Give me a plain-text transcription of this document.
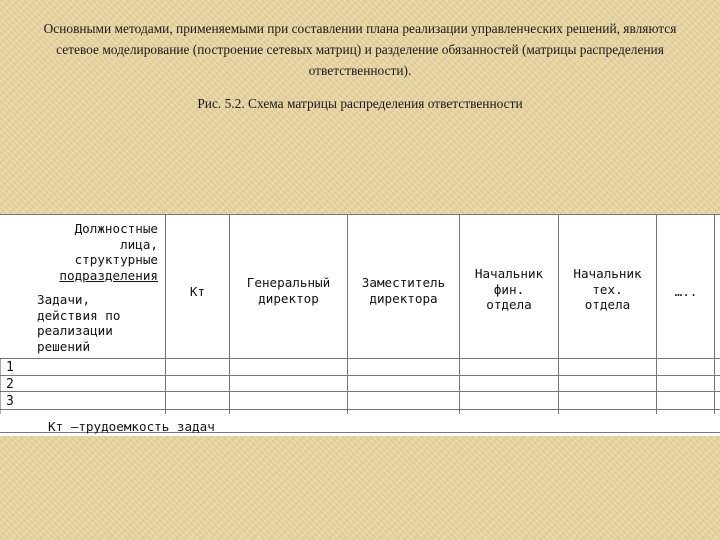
Основными методами, применяемыми при составлении плана реализации управленческих решений, являются сетевое моделирование (построение сетевых матриц) и разделение обязанностей (матрицы распределения ответственности).
Рис. 5.2. Схема матрицы распределения ответственности
Должностные
лица,
структурные
подразделения
Задачи,
действия по
реализации
решений
Кт
Генеральный
директор
Заместитель
директора
Начальник
фин.
отдела
Начальник
тех.
отдела
…..
1
2
3
Кт –трудоемкость задач
